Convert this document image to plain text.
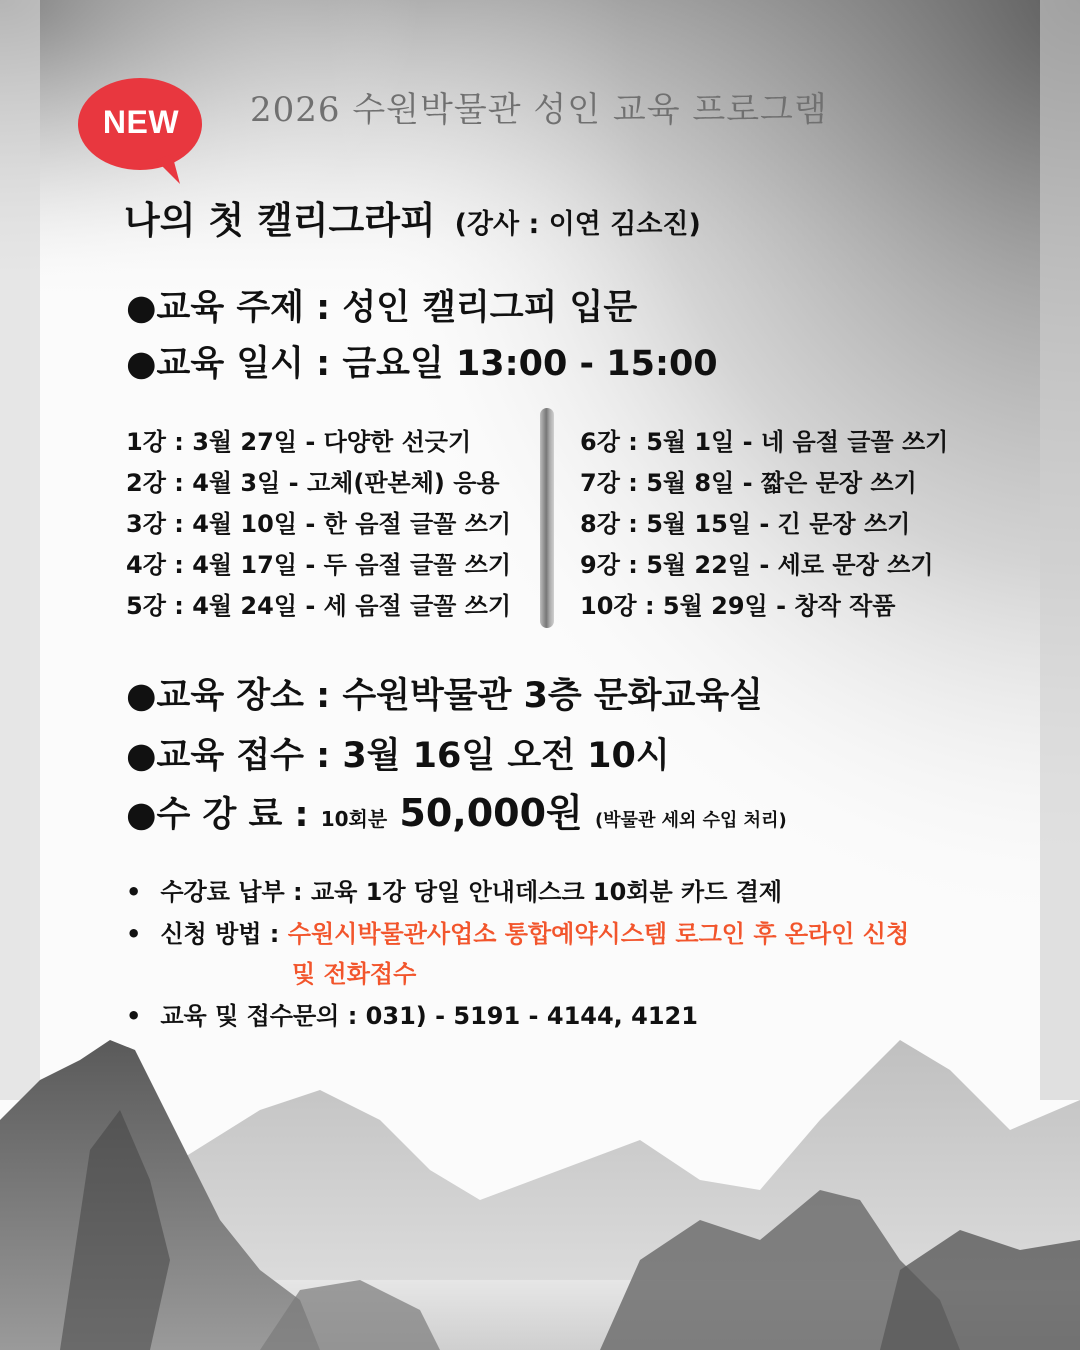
NEW	2026 수원박물관 성인 교육 프로그램
나의 첫 캘리그라피 (강사 : 이연 김소진)
●교육 주제 : 성인 캘리그피 입문
●교육 일시 : 금요일 13:00 - 15:00
1강 : 3월 27일 - 다양한 선긋기
2강 : 4월 3일 - 고체(판본체) 응용
3강 : 4월 10일 - 한 음절 글꼴 쓰기
4강 : 4월 17일 - 두 음절 글꼴 쓰기
5강 : 4월 24일 - 세 음절 글꼴 쓰기
6강 : 5월 1일 - 네 음절 글꼴 쓰기
7강 : 5월 8일 - 짧은 문장 쓰기
8강 : 5월 15일 - 긴 문장 쓰기
9강 : 5월 22일 - 세로 문장 쓰기
10강 : 5월 29일 - 창작 작품
●교육 장소 : 수원박물관 3층 문화교육실
●교육 접수 : 3월 16일 오전 10시
●수 강 료 : 10회분 50,000원 (박물관 세외 수입 처리)
• 수강료 납부 : 교육 1강 당일 안내데스크 10회분 카드 결제
• 신청 방법 : 수원시박물관사업소 통합예약시스템 로그인 후 온라인 신청
및 전화접수
• 교육 및 접수문의 : 031) - 5191 - 4144, 4121
